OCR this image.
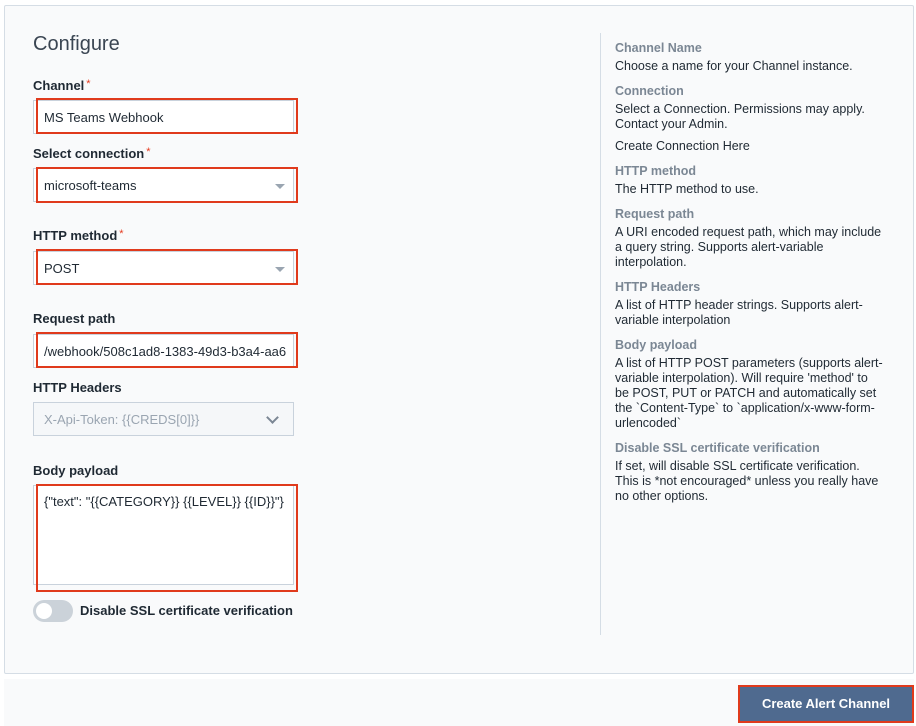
Configure
Channel *
MS Teams Webhook
Select connection *
microsoft-teams
HTTP method *
POST
Request path
/webhook/508c1ad8-1383-49d3-b3a4-aa6
HTTP Headers
X-Api-Token: {{CREDS[0]}}
Body payload
{"text": "{{CATEGORY}} {{LEVEL}} {{ID}}"}
Disable SSL certificate verification
Channel Name
Choose a name for your Channel instance.
Connection
Select a Connection. Permissions may apply. Contact your Admin.
Create Connection Here
HTTP method
The HTTP method to use.
Request path
A URI encoded request path, which may include a query string. Supports alert-variable interpolation.
HTTP Headers
A list of HTTP header strings. Supports alert-variable interpolation
Body payload
A list of HTTP POST parameters (supports alert-variable interpolation). Will require 'method' to be POST, PUT or PATCH and automatically set the `Content-Type` to `application/x-www-form-urlencoded`
Disable SSL certificate verification
If set, will disable SSL certificate verification. This is *not encouraged* unless you really have no other options.
Create Alert Channel
